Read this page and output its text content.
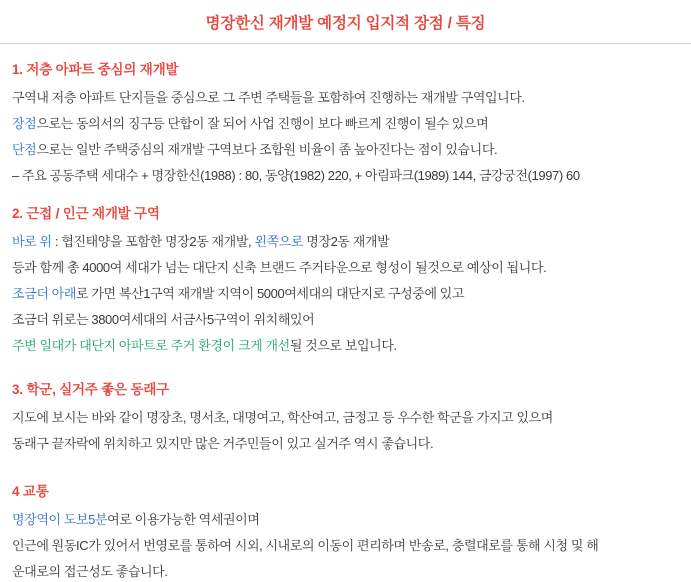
명장한신 재개발 예정지 입지적 장점 / 특징
1. 저층 아파트 중심의 재개발

구역내 저층 아파트 단지들을 중심으로 그 주변 주택들을 포함하여 진행하는 재개발 구역입니다.

장점으로는 동의서의 징구등 단합이 잘 되어 사업 진행이 보다 빠르게 진행이 될수 있으며

단점으로는 일반 주택중심의 재개발 구역보다 조합원 비율이 좀 높아진다는 점이 있습니다.

– 주요 공동주택 세대수 + 명장한신(1988) : 80, 동양(1982) 220, + 아림파크(1989) 144, 금강궁전(1997) 60

2. 근접 / 인근 재개발 구역

바로 위 : 협진태양을 포함한 명장2동 재개발, 왼쪽으로 명장2동 재개발

등과 함께 총 4000여 세대가 넘는 대단지 신축 브랜드 주거타운으로 형성이 될것으로 예상이 됩니다.

조금더 아래로 가면 복산1구역 재개발 지역이 5000여세대의 대단지로 구성중에 있고

조금더 위로는 3800여세대의 서금사5구역이 위치해있어

주변 일대가 대단지 아파트로 주거 환경이 크게 개선될 것으로 보입니다.

3. 학군, 실거주 좋은 동래구

지도에 보시는 바와 같이 명장초, 명서초, 대명여고, 학산여고, 금정고 등 우수한 학군을 가지고 있으며

동래구 끝자락에 위치하고 있지만 많은 거주민들이 있고 실거주 역시 좋습니다.

4 교통

명장역이 도보5분여로 이용가능한 역세권이며

인근에 원동IC가 있어서 번영로를 통하여 시외, 시내로의 이동이 편리하며 반송로, 충렬대로를 통해 시청 및 해

운대로의 접근성도 좋습니다.
